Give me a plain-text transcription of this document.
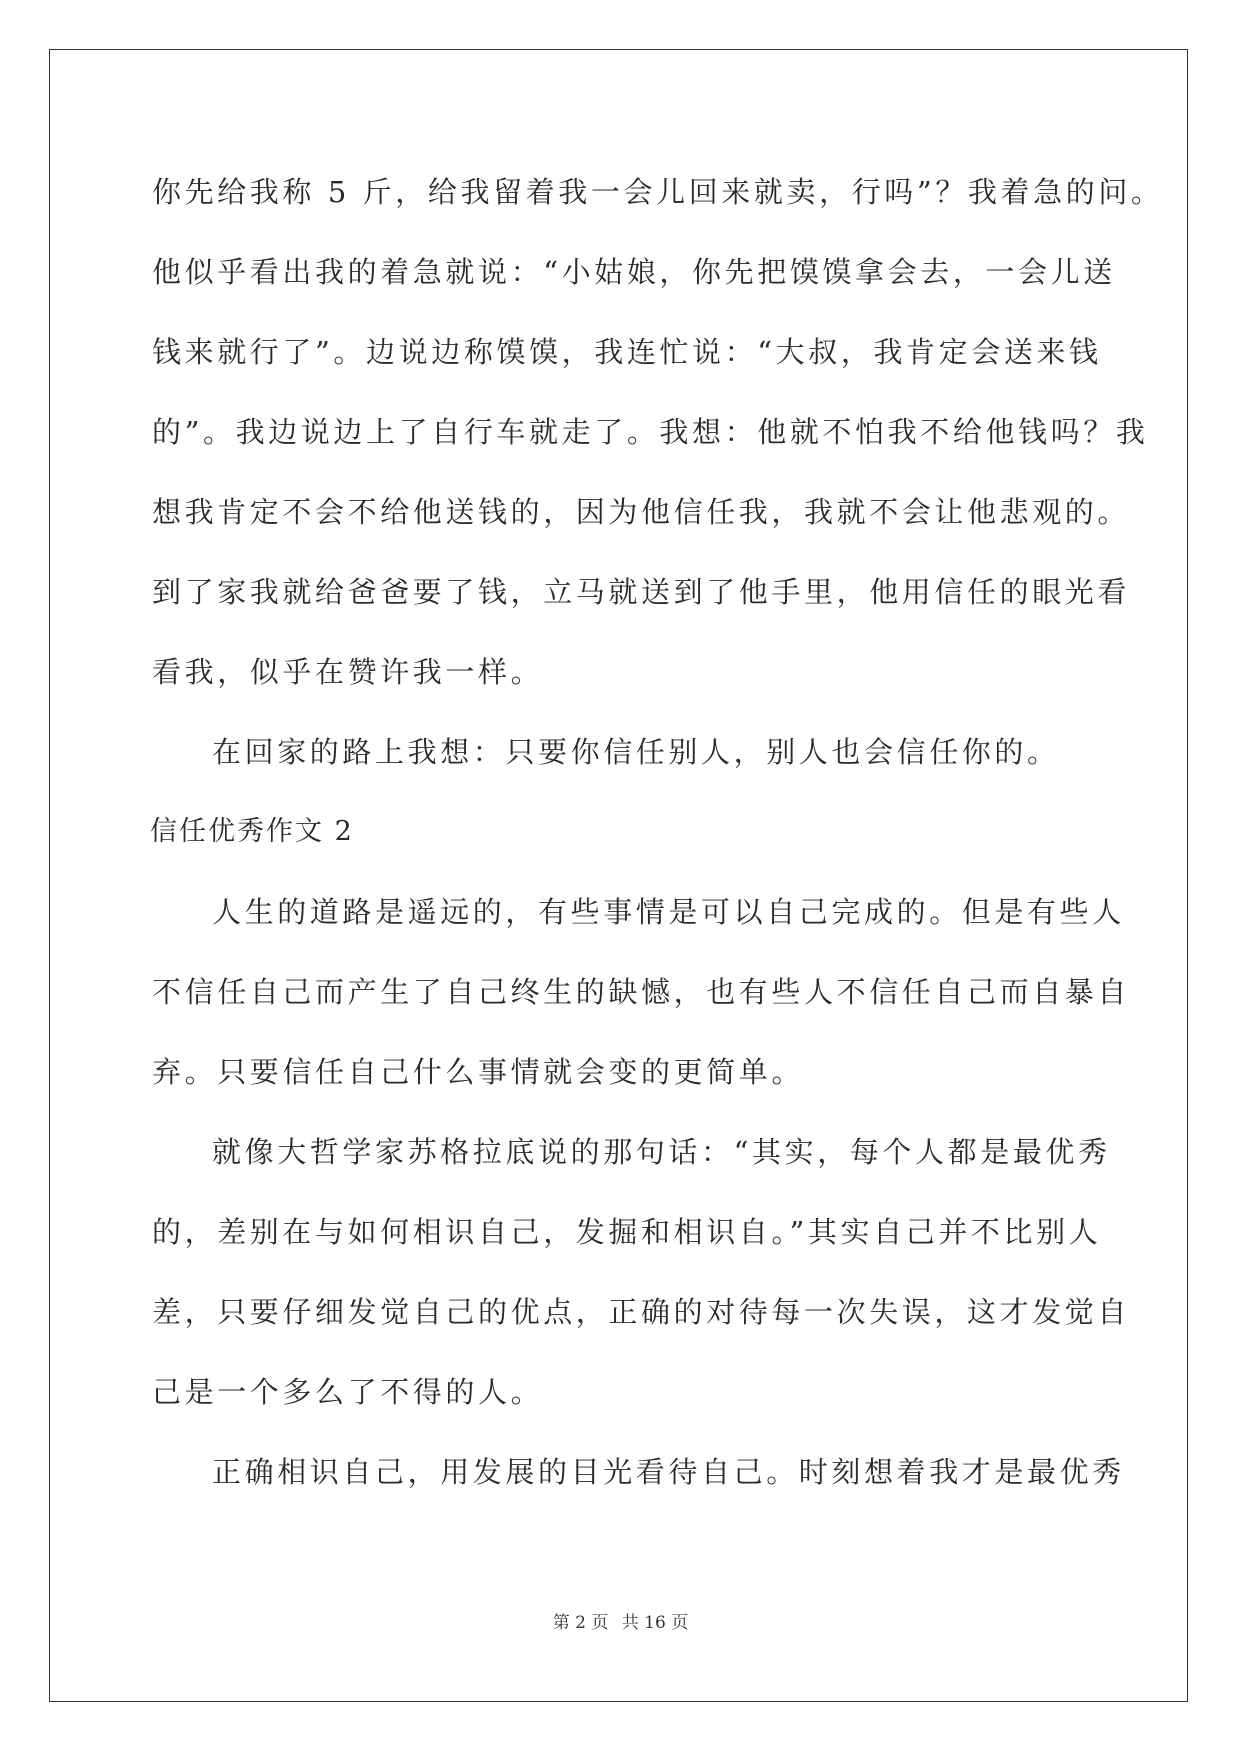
你先给我称 5 斤，给我留着我一会儿回来就卖，行吗”？我着急的问。

他似乎看出我的着急就说：“小姑娘，你先把馍馍拿会去，一会儿送

钱来就行了”。边说边称馍馍，我连忙说：“大叔，我肯定会送来钱

的”。我边说边上了自行车就走了。我想：他就不怕我不给他钱吗？我

想我肯定不会不给他送钱的，因为他信任我，我就不会让他悲观的。

到了家我就给爸爸要了钱，立马就送到了他手里，他用信任的眼光看

看我，似乎在赞许我一样。

在回家的路上我想：只要你信任别人，别人也会信任你的。

信任优秀作文 2

人生的道路是遥远的，有些事情是可以自己完成的。但是有些人

不信任自己而产生了自己终生的缺憾，也有些人不信任自己而自暴自

弃。只要信任自己什么事情就会变的更简单。

就像大哲学家苏格拉底说的那句话：“其实，每个人都是最优秀

的，差别在与如何相识自己，发掘和相识自。”其实自己并不比别人

差，只要仔细发觉自己的优点，正确的对待每一次失误，这才发觉自

己是一个多么了不得的人。

正确相识自己，用发展的目光看待自己。时刻想着我才是最优秀

第 2 页 共 16 页
